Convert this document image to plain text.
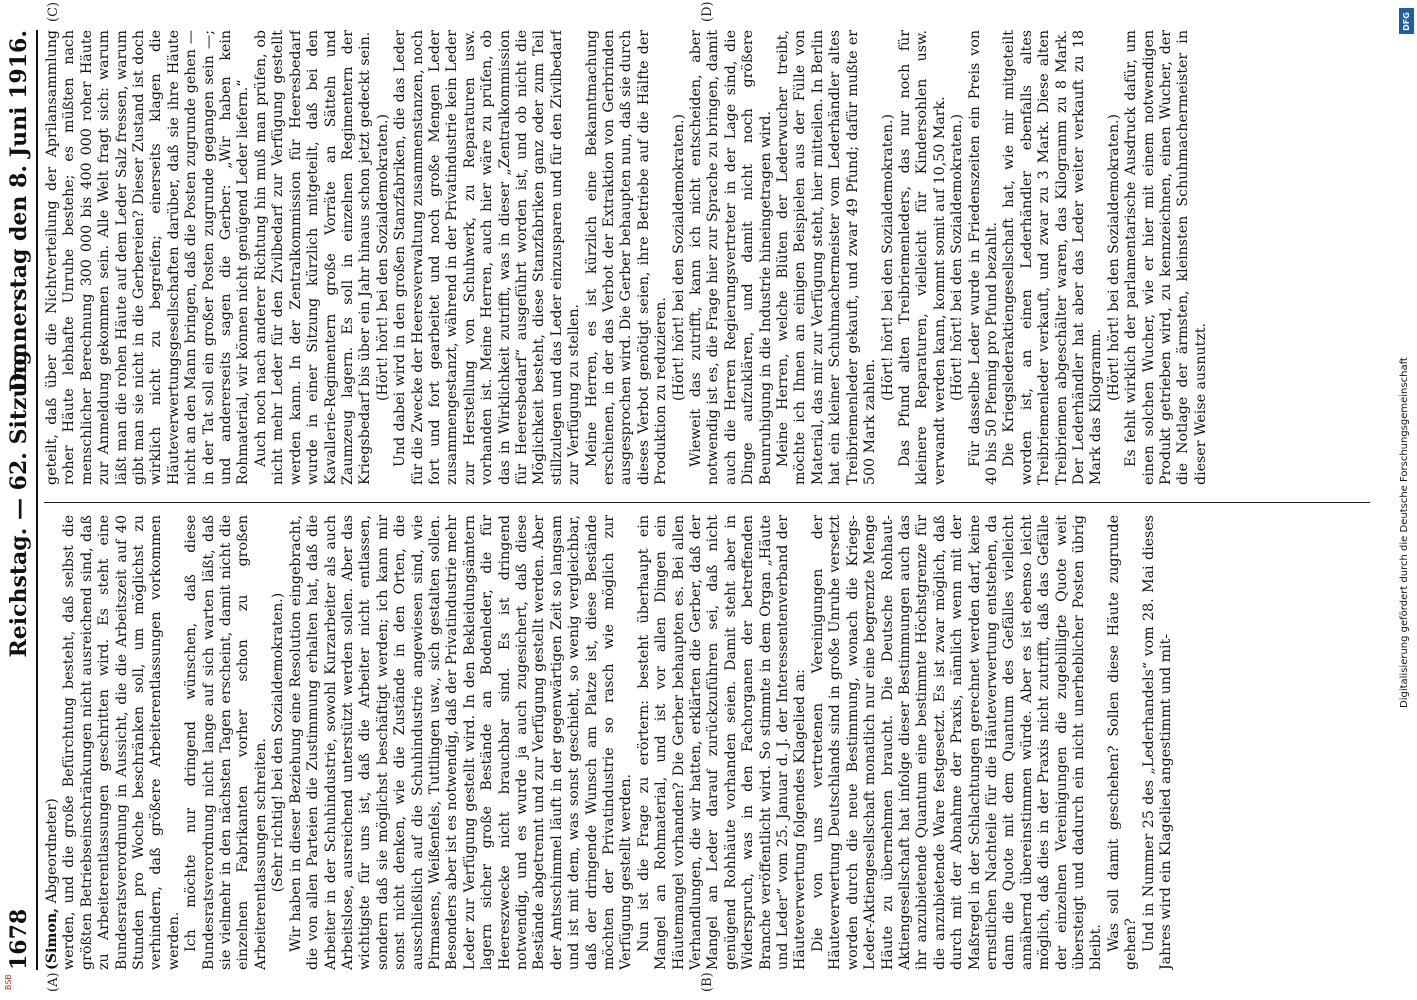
1678
Reichstag. — 62. Sitzung.
Donnerstag den 8. Juni 1916.
(A)	(B)
(C)	(D)

(Simon, Abgeordneter) werden, und die große Befürchtung besteht, daß selbst die größten Betriebseinschränkungen nicht ausreichend sind, daß zu Arbeiterentlassungen geschritten wird. Es steht eine Bundesratsverordnung in Aussicht, die die Arbeitszeit auf 40 Stunden pro Woche beschränken soll, um möglichst zu verhindern, daß größere Arbeiterentlassungen vorkommen werden. Ich möchte nur dringend wünschen, daß diese Bundesratsverordnung nicht lange auf sich warten läßt, daß sie vielmehr in den nächsten Tagen erscheint, damit nicht die einzelnen Fabrikanten vorher schon zu großen Arbeiterentlassungen schreiten. (Sehr richtig! bei den Sozialdemokraten.) Wir haben in dieser Beziehung eine Resolution eingebracht, die von allen Parteien die Zustimmung erhalten hat, daß die Arbeiter in der Schuhindustrie, sowohl Kurzarbeiter als auch Arbeitslose, ausreichend unterstützt werden sollen. Aber das wichtigste für uns ist, daß die Arbeiter nicht entlassen, sondern daß sie möglichst beschäftigt werden; ich kann mir sonst nicht denken, wie die Zustände in den Orten, die ausschließlich auf die Schuhindustrie angewiesen sind, wie Pirmasens, Weißenfels, Tuttlingen usw., sich gestalten sollen. Besonders aber ist es notwendig, daß der Privatindustrie mehr Leder zur Verfügung gestellt wird. In den Bekleidungsämtern lagern sicher große Bestände an Bodenleder, die für Heereszwecke nicht brauchbar sind. Es ist dringend notwendig, und es wurde ja auch zugesichert, daß diese Bestände abgetrennt und zur Verfügung gestellt werden. Aber der Amtsschimmel läuft in der gegenwärtigen Zeit so langsam und ist mit dem, was sonst geschieht, so wenig vergleichbar, daß der dringende Wunsch am Platze ist, diese Bestände möchten der Privatindustrie so rasch wie möglich zur Verfügung gestellt werden. Nun ist die Frage zu erörtern: besteht überhaupt ein Mangel an Rohmaterial, und ist vor allen Dingen ein Häutemangel vorhanden? Die Gerber behaupten es. Bei allen Verhandlungen, die wir hatten, erklärten die Gerber, daß der Mangel an Leder darauf zurückzuführen sei, daß nicht genügend Rohhäute vorhanden seien. Damit steht aber in Widerspruch, was in den Fachorganen der betreffenden Branche veröffentlicht wird. So stimmte in dem Organ „Häute und Leder“ vom 25. Januar d. J. der Interessentenverband der Häuteverwertung folgendes Klagelied an: Die von uns vertretenen Vereinigungen der Häuteverwertung Deutschlands sind in große Unruhe versetzt worden durch die neue Bestimmung, wonach die Kriegs-Leder-Aktiengesellschaft monatlich nur eine begrenzte Menge Häute zu übernehmen braucht. Die Deutsche Rohhaut-Aktiengesellschaft hat infolge dieser Bestimmungen auch das ihr anzubietende Quantum eine bestimmte Höchstgrenze für die anzubietende Ware festgesetzt. Es ist zwar möglich, daß durch mit der Abnahme der Praxis, nämlich wenn mit der Maßregel in der Schlachtungen gerechnet werden darf, keine ernstlichen Nachteile für die Häuteverwertung entstehen, da dann die Quote mit dem Quantum des Gefälles vielleicht annähernd übereinstimmen würde. Aber es ist ebenso leicht möglich, daß dies in der Praxis nicht zutrifft, daß das Gefälle der einzelnen Vereinigungen die zugebilligte Quote weit übersteigt und dadurch ein nicht unerheblicher Posten übrig bleibt. Was soll damit geschehen? Sollen diese Häute zugrunde gehen? Und in Nummer 25 des „Lederhandels“ vom 28. Mai dieses Jahres wird ein Klagelied angestimmt und mit-

geteilt, daß über die Nichtverteilung der Aprilansammlung roher Häute lebhafte Unruhe bestehe; es müßten nach menschlicher Berechnung 300 000 bis 400 000 roher Häute zur Anmeldung gekommen sein. Alle Welt fragt sich: warum läßt man die rohen Häute auf dem Leder Salz fressen, warum gibt man sie nicht in die Gerbereien? Dieser Zustand ist doch wirklich nicht zu begreifen; einerseits klagen die Häuteverwertungsgesellschaften darüber, daß sie ihre Häute nicht an den Mann bringen, daß die Posten zugrunde gehen — in der Tat soll ein großer Posten zugrunde gegangen sein —; und andererseits sagen die Gerber: „Wir haben kein Rohmaterial, wir können nicht genügend Leder liefern.“ Auch noch nach anderer Richtung hin muß man prüfen, ob nicht mehr Leder für den Zivilbedarf zur Verfügung gestellt werden kann. In der Zentralkommission für Heeresbedarf wurde in einer Sitzung kürzlich mitgeteilt, daß bei den Kavallerie-Regimentern große Vorräte an Sätteln und Zaumzeug lagern. Es soll in einzelnen Regimentern der Kriegsbedarf bis über ein Jahr hinaus schon jetzt gedeckt sein. (Hört! hört! bei den Sozialdemokraten.) Und dabei wird in den großen Stanzfabriken, die das Leder für die Zwecke der Heeresverwaltung zusammenstanzen, noch fort und fort gearbeitet und noch große Mengen Leder zusammengestanzt, während in der Privatindustrie kein Leder zur Herstellung von Schuhwerk, zu Reparaturen usw. vorhanden ist. Meine Herren, auch hier wäre zu prüfen, ob das in Wirklichkeit zutrifft, was in dieser „Zentralkommission für Heeresbedarf“ ausgeführt worden ist, und ob nicht die Möglichkeit besteht, diese Stanzfabriken ganz oder zum Teil stillzulegen und das Leder einzusparen und für den Zivilbedarf zur Verfügung zu stellen. Meine Herren, es ist kürzlich eine Bekanntmachung erschienen, in der das Verbot der Extraktion von Gerbrinden ausgesprochen wird. Die Gerber behaupten nun, daß sie durch dieses Verbot genötigt seien, ihre Betriebe auf die Hälfte der Produktion zu reduzieren. (Hört! hört! bei den Sozialdemokraten.) Wieweit das zutrifft, kann ich nicht entscheiden, aber notwendig ist es, die Frage hier zur Sprache zu bringen, damit auch die Herren Regierungsvertreter in der Lage sind, die Dinge aufzuklären, und damit nicht noch größere Beunruhigung in die Industrie hineingetragen wird. Meine Herren, welche Blüten der Lederwucher treibt, möchte ich Ihnen an einigen Beispielen aus der Fülle von Material, das mir zur Verfügung steht, hier mitteilen. In Berlin hat ein kleiner Schuhmachermeister vom Lederhändler altes Treibriemenleder gekauft, und zwar 49 Pfund; dafür mußte er 500 Mark zahlen.

(Hört! hört! bei den Sozialdemokraten.) Das Pfund alten Treibriemenleders, das nur noch für kleinere Reparaturen, vielleicht für Kindersohlen usw. verwandt werden kann, kommt somit auf 10,50 Mark. (Hört! hört! bei den Sozialdemokraten.) Für dasselbe Leder wurde in Friedenszeiten ein Preis von 40 bis 50 Pfennig pro Pfund bezahlt. Die Kriegslederaktiengesellschaft hat, wie mir mitgeteilt worden ist, an einen Lederhändler ebenfalls altes Treibriemenleder verkauft, und zwar zu 3 Mark. Diese alten Treibriemen abgeschälter waren, das Kilogramm zu 8 Mark. Der Lederhändler hat aber das Leder weiter verkauft zu 18 Mark das Kilogramm.

(Hört! hört! bei den Sozialdemokraten.) Es fehlt wirklich der parlamentarische Ausdruck dafür, um einen solchen Wucher, wie er hier mit einem notwendigen Produkt getrieben wird, zu kennzeichnen, einen Wucher, der die Notlage der ärmsten, kleinsten Schuhmachermeister in dieser Weise ausnutzt.

DFG
Digitalisierung gefördert durch die Deutsche Forschungsgemeinschaft
BSB
